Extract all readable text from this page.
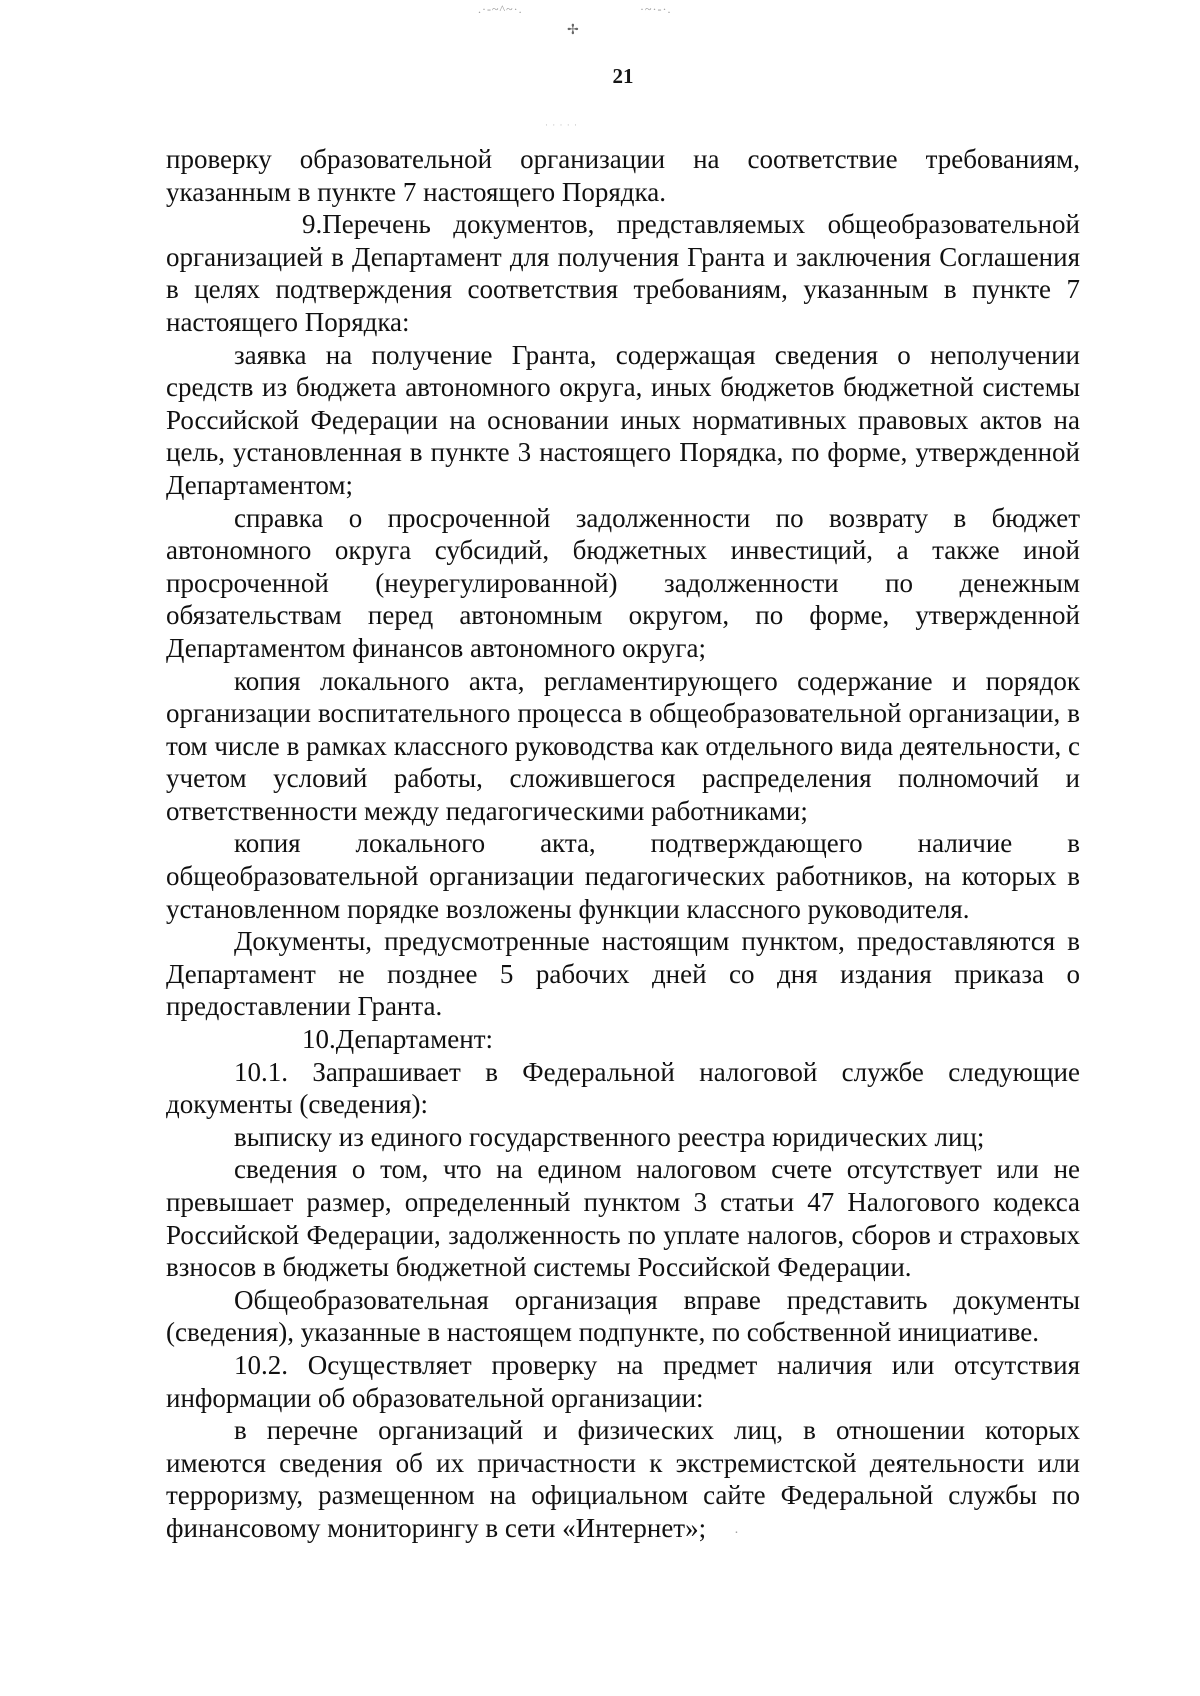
.·-~^~·.	·~·-·.
✢
· · · · ·
21

проверку образовательной организации на соответствие требованиям, указанным в пункте 7 настоящего Порядка.

9.Перечень документов, представляемых общеобразовательной организацией в Департамент для получения Гранта и заключения Соглашения в целях подтверждения соответствия требованиям, указанным в пункте 7 настоящего Порядка:

заявка на получение Гранта, содержащая сведения о неполучении средств из бюджета автономного округа, иных бюджетов бюджетной системы Российской Федерации на основании иных нормативных правовых актов на цель, установленная в пункте 3 настоящего Порядка, по форме, утвержденной Департаментом;

справка о просроченной задолженности по возврату в бюджет автономного округа субсидий, бюджетных инвестиций, а также иной просроченной (неурегулированной) задолженности по денежным обязательствам перед автономным округом, по форме, утвержденной Департаментом финансов автономного округа;

копия локального акта, регламентирующего содержание и порядок организации воспитательного процесса в общеобразовательной организации, в том числе в рамках классного руководства как отдельного вида деятельности, с учетом условий работы, сложившегося распределения полномочий и ответственности между педагогическими работниками;

копия локального акта, подтверждающего наличие в общеобразовательной организации педагогических работников, на которых в установленном порядке возложены функции классного руководителя.

Документы, предусмотренные настоящим пунктом, предоставляются в Департамент не позднее 5 рабочих дней со дня издания приказа о предоставлении Гранта.

10.Департамент:

10.1. Запрашивает в Федеральной налоговой службе следующие документы (сведения):

выписку из единого государственного реестра юридических лиц;

сведения о том, что на едином налоговом счете отсутствует или не превышает размер, определенный пунктом 3 статьи 47 Налогового кодекса Российской Федерации, задолженность по уплате налогов, сборов и страховых взносов в бюджеты бюджетной системы Российской Федерации.

Общеобразовательная организация вправе представить документы (сведения), указанные в настоящем подпункте, по собственной инициативе.

10.2. Осуществляет проверку на предмет наличия или отсутствия информации об образовательной организации:

в перечне организаций и физических лиц, в отношении которых имеются сведения об их причастности к экстремистской деятельности или терроризму, размещенном на официальном сайте Федеральной службы по финансовому мониторингу в сети «Интернет»; ·
